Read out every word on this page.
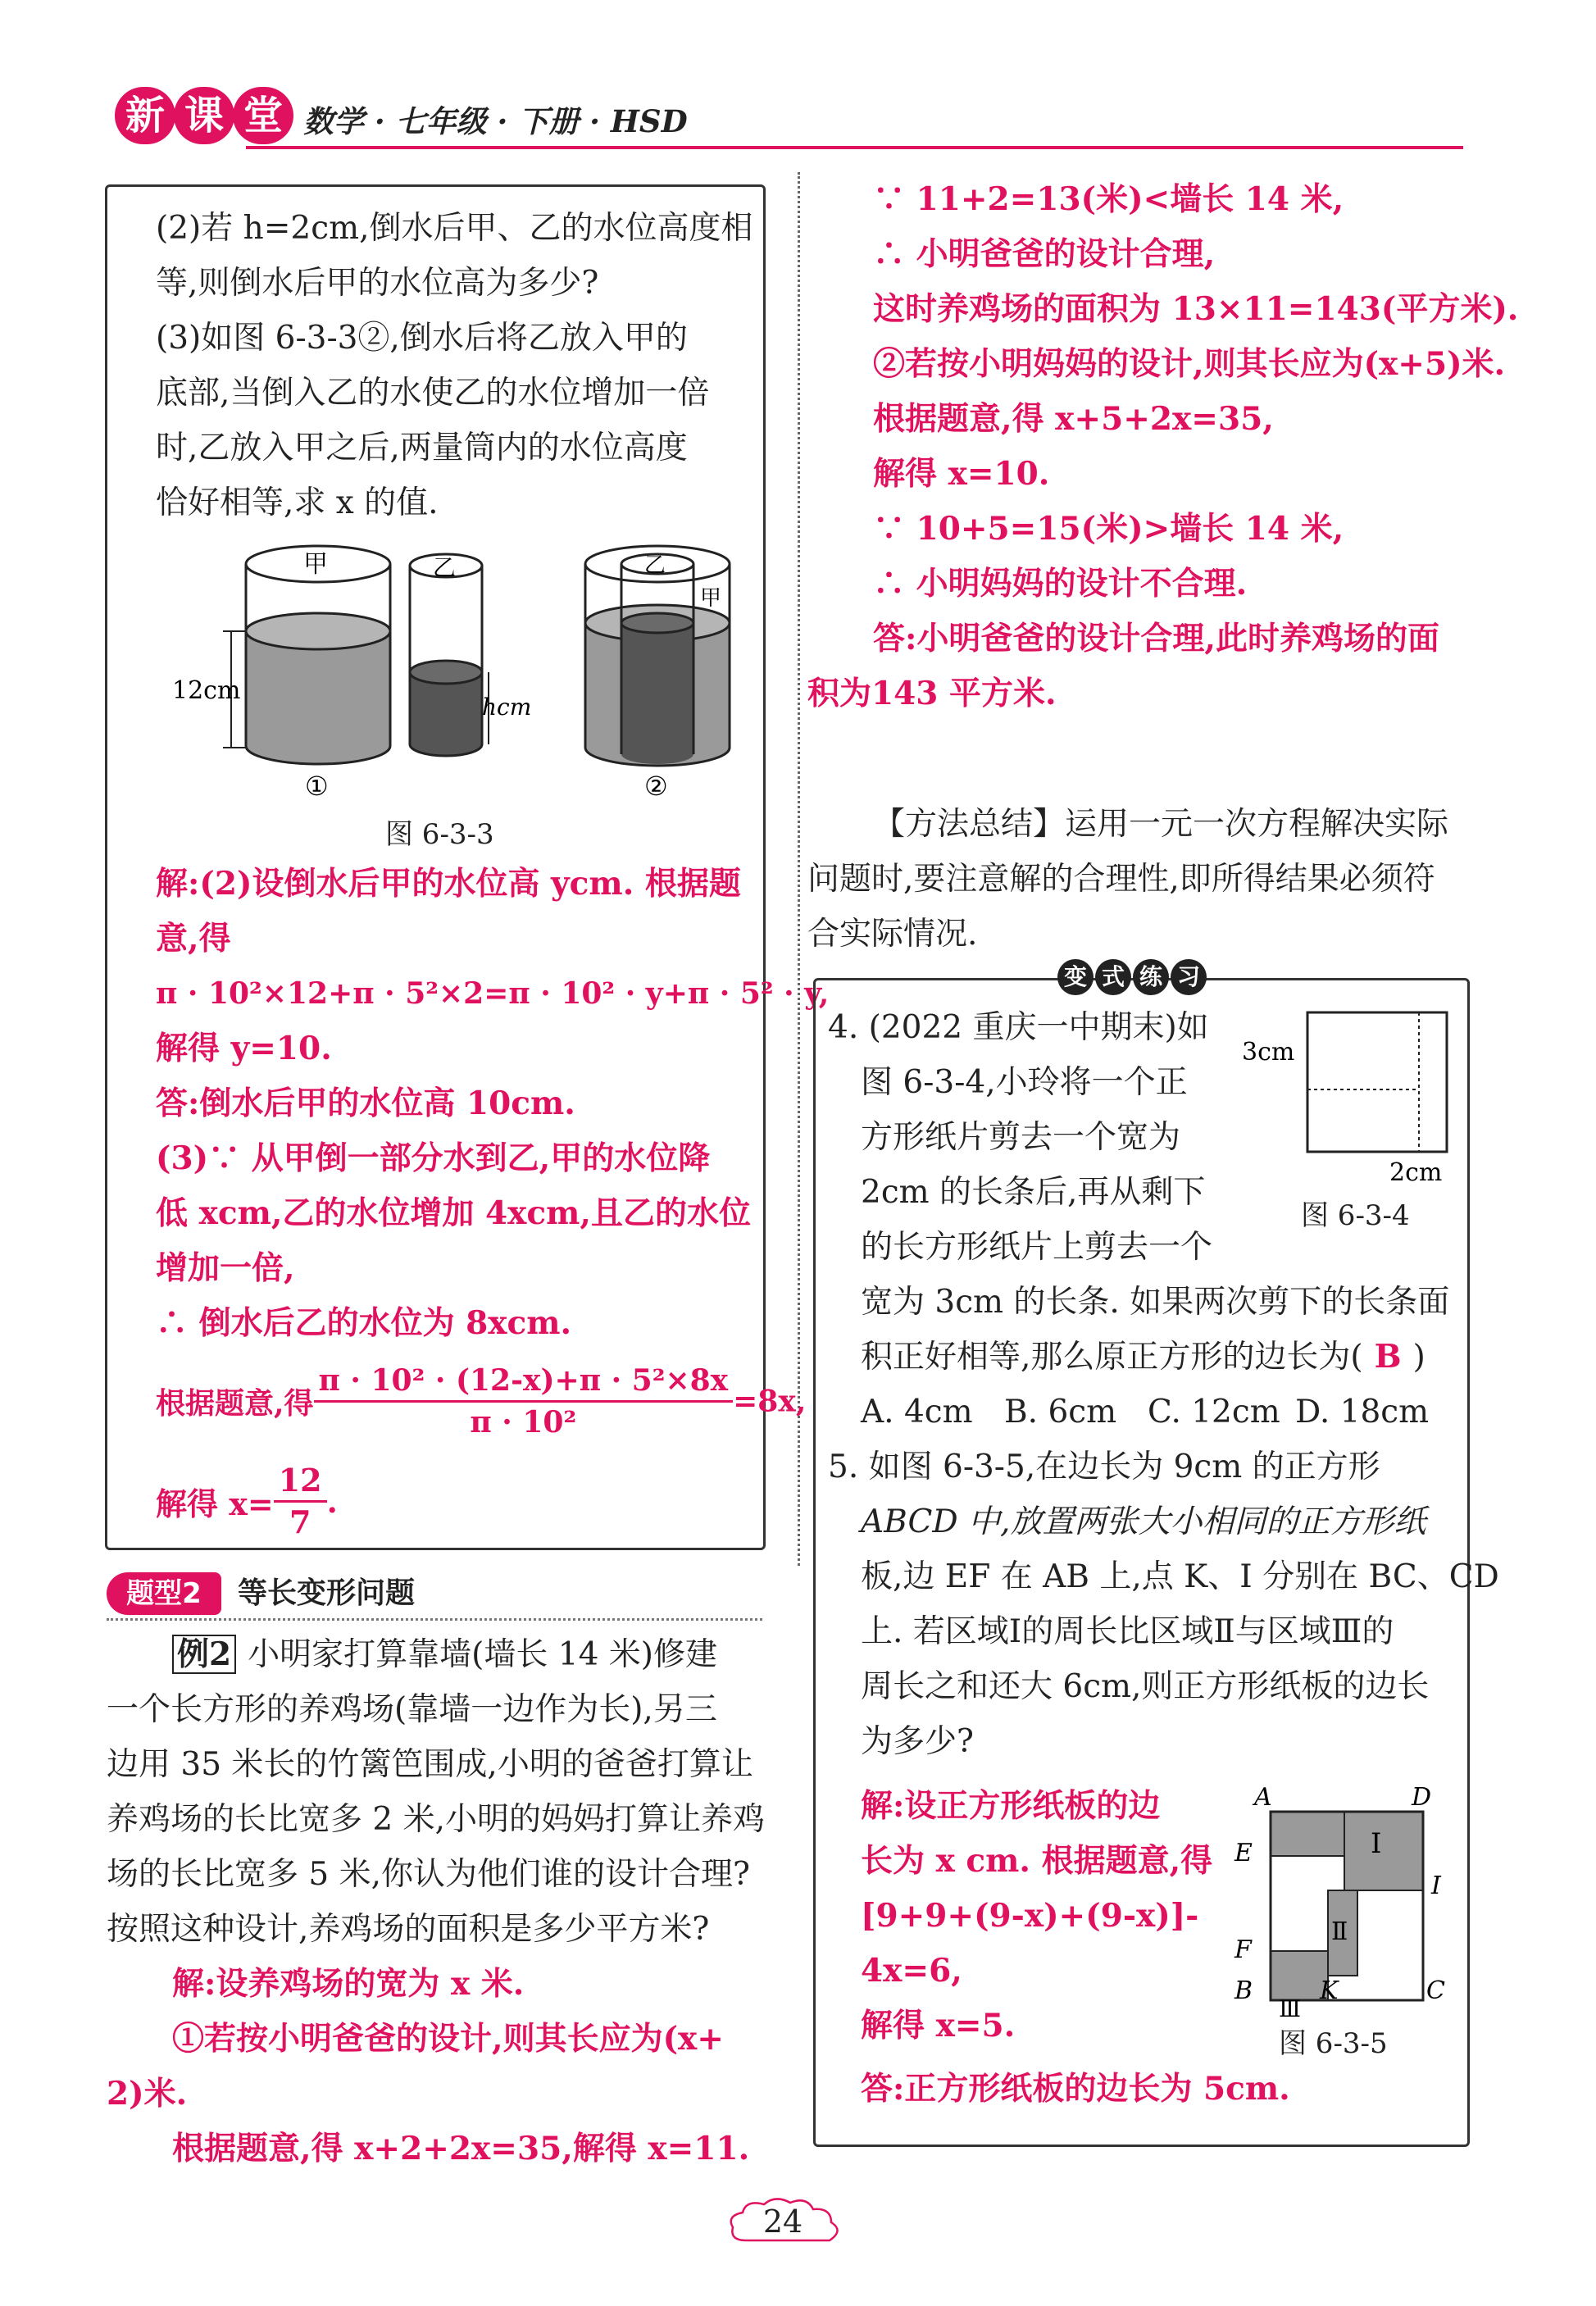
新 课 堂 数学 · 七年级 · 下册 · HSD
(2)若 h=2cm,倒水后甲、乙的水位高度相
等,则倒水后甲的水位高为多少?
(3)如图 6-3-3②,倒水后将乙放入甲的
底部,当倒入乙的水使乙的水位增加一倍
时,乙放入甲之后,两量筒内的水位高度
恰好相等,求 x 的值.
甲
12cm
乙
hcm
乙
甲
①	②
图 6-3-3
解:(2)设倒水后甲的水位高 ycm. 根据题
意,得
π · 10²×12+π · 5²×2=π · 10² · y+π · 5² · y,
解得 y=10.
答:倒水后甲的水位高 10cm.
(3)∵ 从甲倒一部分水到乙,甲的水位降
低 xcm,乙的水位增加 4xcm,且乙的水位
增加一倍,
∴ 倒水后乙的水位为 8xcm.
根据题意,得 $\frac{\text{π · 10² · (12-x)+π · 5²×8x}}{\text{π · 10²}} =8x$,
解得 $x= \frac{12}{7}$ .
题型2	等长变形问题
例2 小明家打算靠墙(墙长 14 米)修建
一个长方形的养鸡场(靠墙一边作为长),另三
边用 35 米长的竹篱笆围成,小明的爸爸打算让
养鸡场的长比宽多 2 米,小明的妈妈打算让养鸡
场的长比宽多 5 米,你认为他们谁的设计合理?
按照这种设计,养鸡场的面积是多少平方米?
解:设养鸡场的宽为 x 米.
①若按小明爸爸的设计,则其长应为(x+
2)米.
根据题意,得 x+2+2x=35,解得 x=11.
∵ 11+2=13(米)<墙长 14 米,
∴ 小明爸爸的设计合理,
这时养鸡场的面积为 13×11=143(平方米).
②若按小明妈妈的设计,则其长应为(x+5)米.
根据题意,得 x+5+2x=35,
解得 x=10.
∵ 10+5=15(米)>墙长 14 米,
∴ 小明妈妈的设计不合理.
答:小明爸爸的设计合理,此时养鸡场的面
积为143 平方米.
【方法总结】运用一元一次方程解决实际
问题时,要注意解的合理性,即所得结果必须符
合实际情况.
变 式 练 习
4. (2022 重庆一中期末)如
图 6-3-4,小玲将一个正
方形纸片剪去一个宽为
2cm 的长条后,再从剩下
的长方形纸片上剪去一个
宽为 3cm 的长条. 如果两次剪下的长条面
积正好相等,那么原正方形的边长为( B )
A. 4cm B. 6cm C. 12cm D. 18cm
3cm
2cm
图 6-3-4
5. 如图 6-3-5,在边长为 9cm 的正方形
ABCD 中,放置两张大小相同的正方形纸
板,边 EF 在 AB 上,点 K、I 分别在 BC、CD
上. 若区域Ⅰ的周长比区域Ⅱ与区域Ⅲ的
周长之和还大 6cm,则正方形纸板的边长
为多少?
解:设正方形纸板的边
长为 x cm. 根据题意,得
[9+9+(9-x)+(9-x)]-
4x=6,
解得 x=5.
答:正方形纸板的边长为 5cm.
A	D
E
I
F
B	C
K
Ⅰ
Ⅱ
Ⅲ
图 6-3-5
24
